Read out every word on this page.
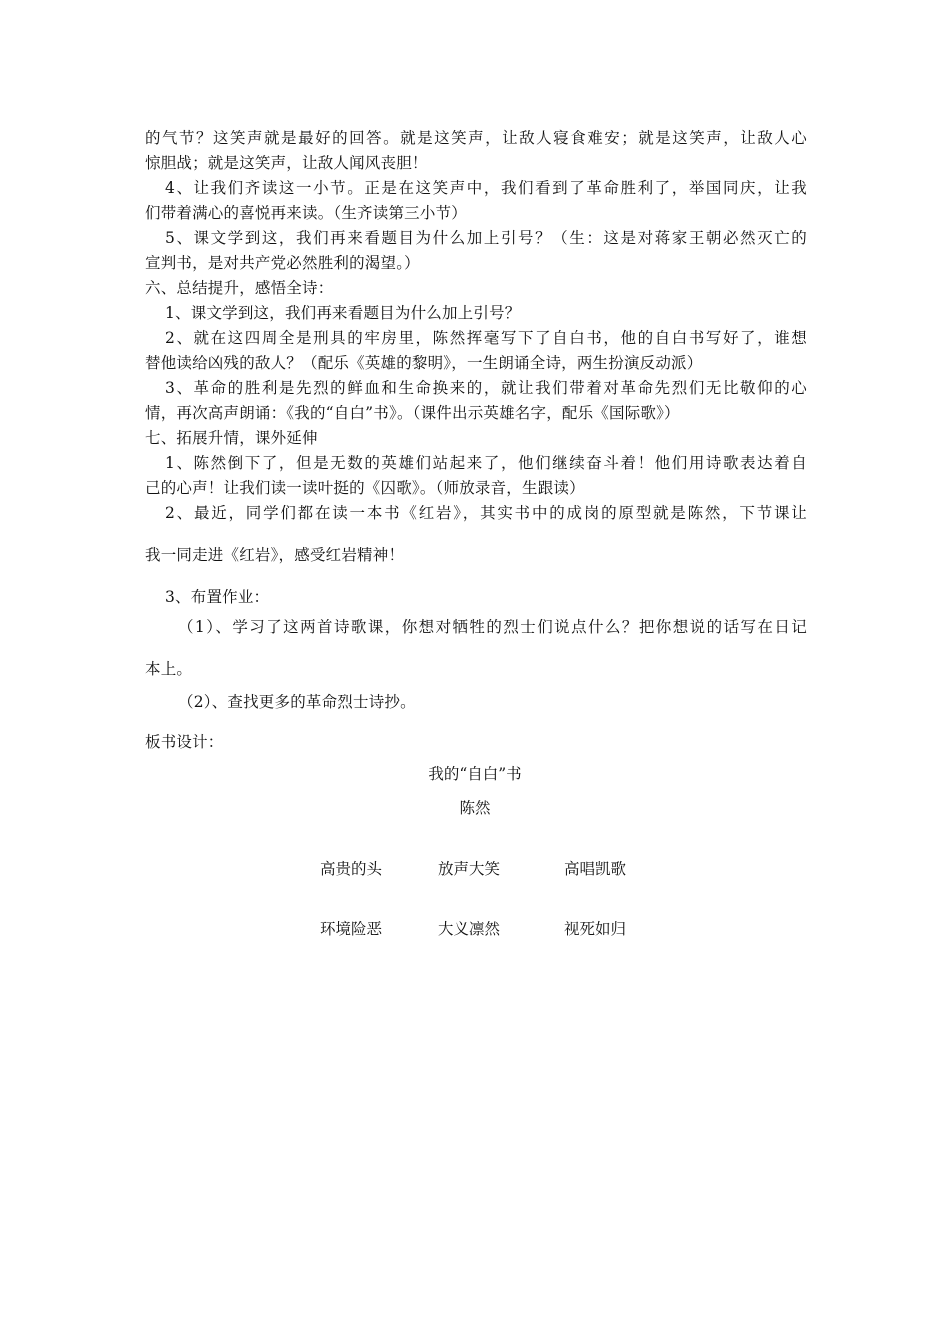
的气节？这笑声就是最好的回答。就是这笑声，让敌人寝食难安；就是这笑声，让敌人心
惊胆战；就是这笑声，让敌人闻风丧胆！
4、让我们齐读这一小节。正是在这笑声中，我们看到了革命胜利了，举国同庆，让我
们带着满心的喜悦再来读。（生齐读第三小节）
5、课文学到这，我们再来看题目为什么加上引号？（生：这是对蒋家王朝必然灭亡的
宣判书，是对共产党必然胜利的渴望。）
六、总结提升，感悟全诗：
1、课文学到这，我们再来看题目为什么加上引号？
2、就在这四周全是刑具的牢房里，陈然挥毫写下了自白书，他的自白书写好了，谁想
替他读给凶残的敌人？（配乐《英雄的黎明》，一生朗诵全诗，两生扮演反动派）
3、革命的胜利是先烈的鲜血和生命换来的，就让我们带着对革命先烈们无比敬仰的心
情，再次高声朗诵：《我的“自白”书》。（课件出示英雄名字，配乐《国际歌》）
七、拓展升情，课外延伸
1、陈然倒下了，但是无数的英雄们站起来了，他们继续奋斗着！他们用诗歌表达着自
己的心声！让我们读一读叶挺的《囚歌》。（师放录音，生跟读）
2、最近，同学们都在读一本书《红岩》，其实书中的成岗的原型就是陈然，下节课让
我一同走进《红岩》，感受红岩精神！
3、布置作业：
（1）、学习了这两首诗歌课，你想对牺牲的烈士们说点什么？把你想说的话写在日记
本上。
（2）、查找更多的革命烈士诗抄。
板书设计：
我的“自白”书
陈然
高贵的头	放声大笑	高唱凯歌
环境险恶	大义凛然	视死如归
